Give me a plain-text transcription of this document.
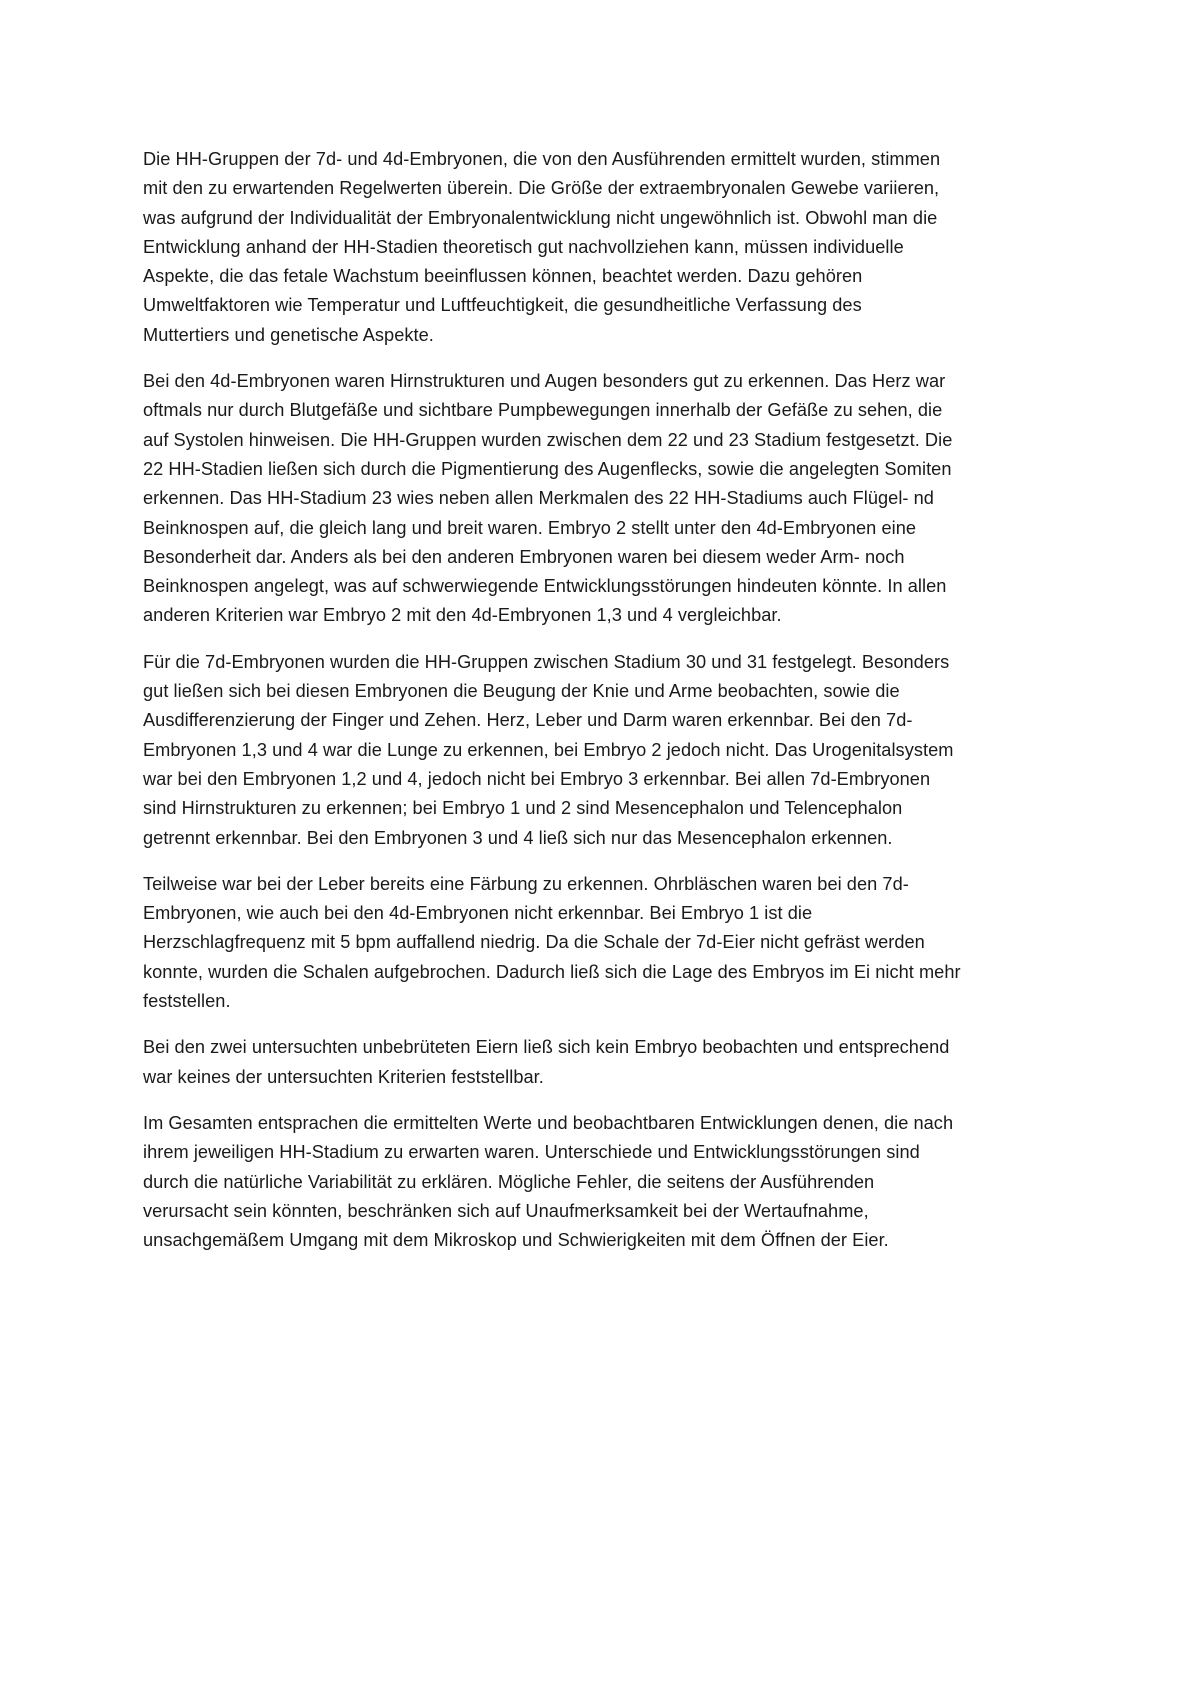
Die HH-Gruppen der 7d- und 4d-Embryonen, die von den Ausführenden ermittelt wurden, stimmen
mit den zu erwartenden Regelwerten überein. Die Größe der extraembryonalen Gewebe variieren,
was aufgrund der Individualität der Embryonalentwicklung nicht ungewöhnlich ist. Obwohl man die
Entwicklung anhand der HH-Stadien theoretisch gut nachvollziehen kann, müssen individuelle
Aspekte, die das fetale Wachstum beeinflussen können, beachtet werden. Dazu gehören
Umweltfaktoren wie Temperatur und Luftfeuchtigkeit, die gesundheitliche Verfassung des
Muttertiers und genetische Aspekte.

Bei den 4d-Embryonen waren Hirnstrukturen und Augen besonders gut zu erkennen. Das Herz war
oftmals nur durch Blutgefäße und sichtbare Pumpbewegungen innerhalb der Gefäße zu sehen, die
auf Systolen hinweisen. Die HH-Gruppen wurden zwischen dem 22 und 23 Stadium festgesetzt. Die
22 HH-Stadien ließen sich durch die Pigmentierung des Augenflecks, sowie die angelegten Somiten
erkennen. Das HH-Stadium 23 wies neben allen Merkmalen des 22 HH-Stadiums auch Flügel- nd
Beinknospen auf, die gleich lang und breit waren. Embryo 2 stellt unter den 4d-Embryonen eine
Besonderheit dar. Anders als bei den anderen Embryonen waren bei diesem weder Arm- noch
Beinknospen angelegt, was auf schwerwiegende Entwicklungsstörungen hindeuten könnte. In allen
anderen Kriterien war Embryo 2 mit den 4d-Embryonen 1,3 und 4 vergleichbar.

Für die 7d-Embryonen wurden die HH-Gruppen zwischen Stadium 30 und 31 festgelegt. Besonders
gut ließen sich bei diesen Embryonen die Beugung der Knie und Arme beobachten, sowie die
Ausdifferenzierung der Finger und Zehen. Herz, Leber und Darm waren erkennbar. Bei den 7d-
Embryonen 1,3 und 4 war die Lunge zu erkennen, bei Embryo 2 jedoch nicht. Das Urogenitalsystem
war bei den Embryonen 1,2 und 4, jedoch nicht bei Embryo 3 erkennbar. Bei allen 7d-Embryonen
sind Hirnstrukturen zu erkennen; bei Embryo 1 und 2 sind Mesencephalon und Telencephalon
getrennt erkennbar. Bei den Embryonen 3 und 4 ließ sich nur das Mesencephalon erkennen.

Teilweise war bei der Leber bereits eine Färbung zu erkennen. Ohrbläschen waren bei den 7d-
Embryonen, wie auch bei den 4d-Embryonen nicht erkennbar. Bei Embryo 1 ist die
Herzschlagfrequenz mit 5 bpm auffallend niedrig. Da die Schale der 7d-Eier nicht gefräst werden
konnte, wurden die Schalen aufgebrochen. Dadurch ließ sich die Lage des Embryos im Ei nicht mehr
feststellen.

Bei den zwei untersuchten unbebrüteten Eiern ließ sich kein Embryo beobachten und entsprechend
war keines der untersuchten Kriterien feststellbar.

Im Gesamten entsprachen die ermittelten Werte und beobachtbaren Entwicklungen denen, die nach
ihrem jeweiligen HH-Stadium zu erwarten waren. Unterschiede und Entwicklungsstörungen sind
durch die natürliche Variabilität zu erklären. Mögliche Fehler, die seitens der Ausführenden
verursacht sein könnten, beschränken sich auf Unaufmerksamkeit bei der Wertaufnahme,
unsachgemäßem Umgang mit dem Mikroskop und Schwierigkeiten mit dem Öffnen der Eier.
